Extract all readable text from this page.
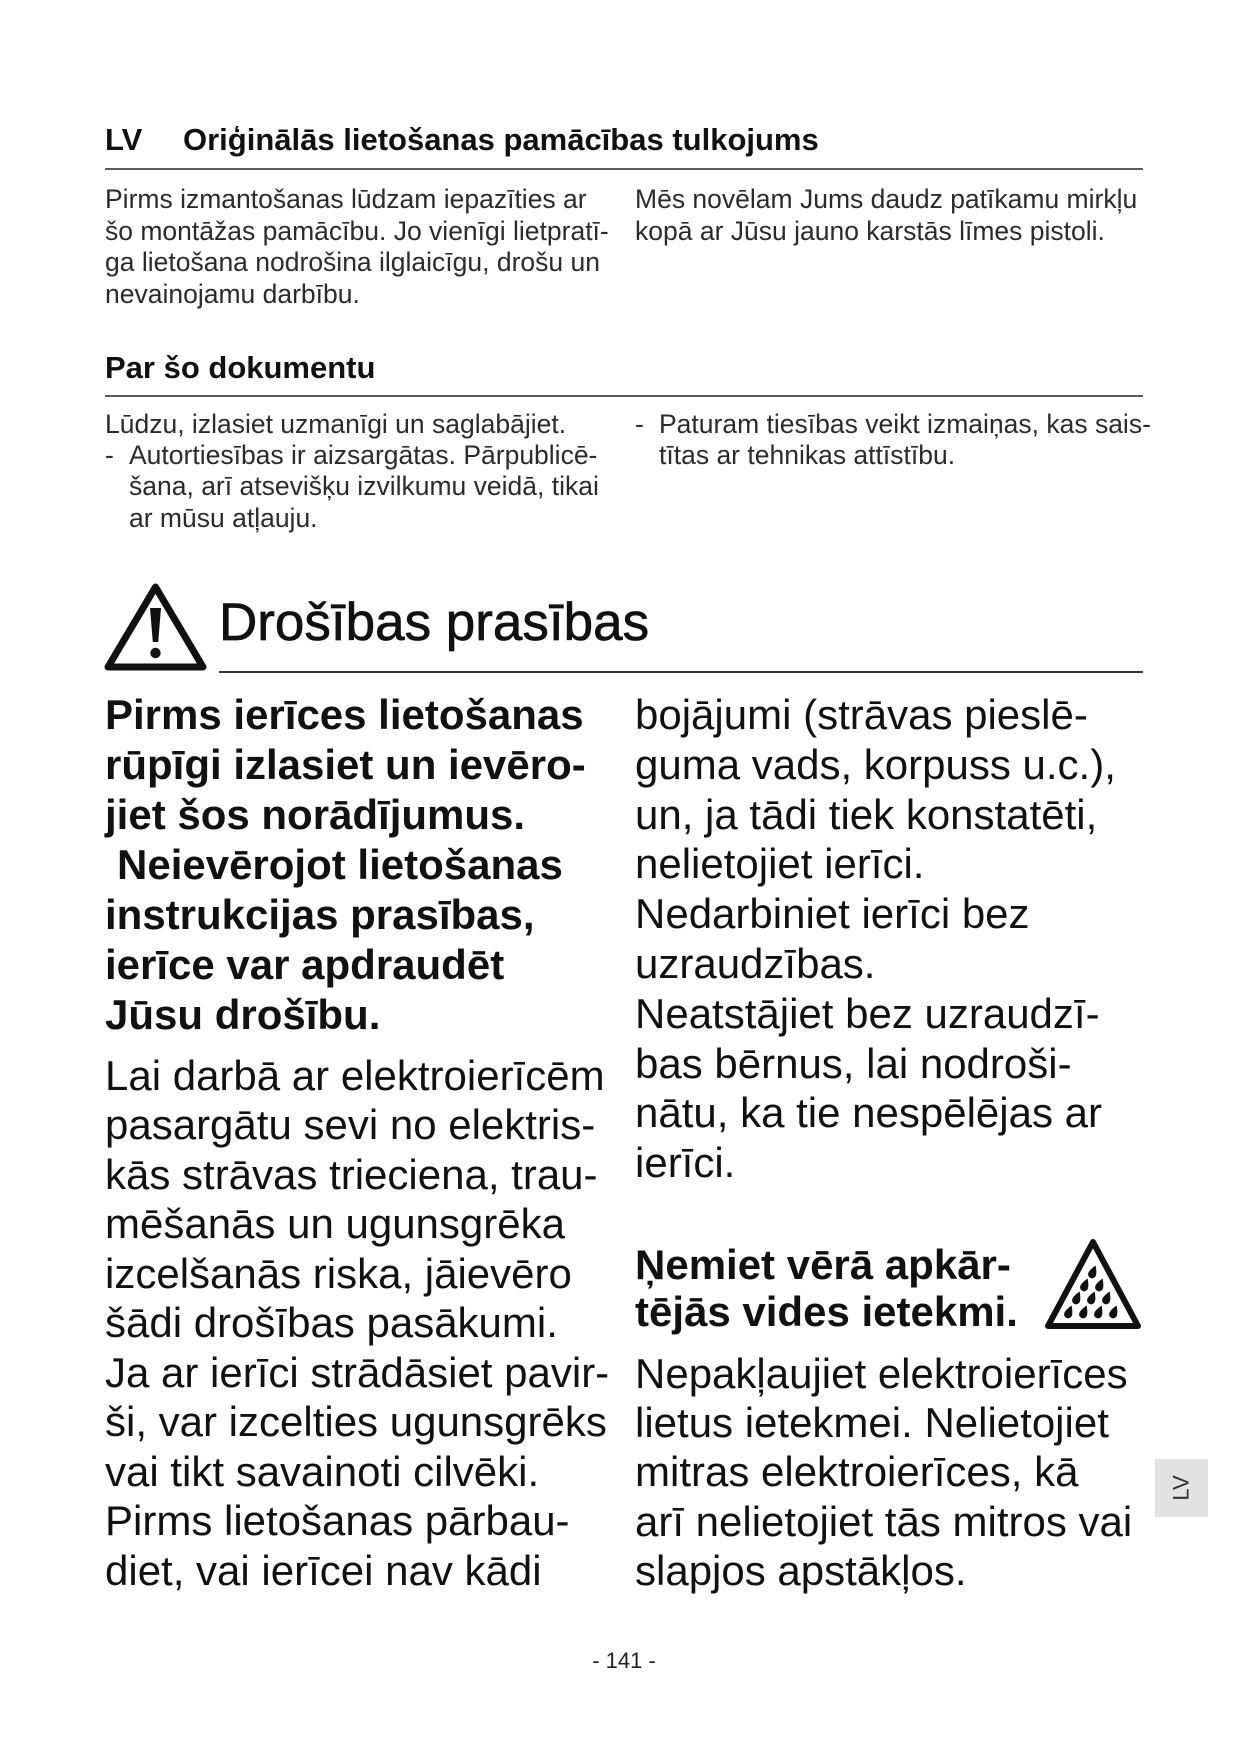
LV Oriģinālās lietošanas pamācības tulkojums
Pirms izmantošanas lūdzam iepazīties ar
šo montāžas pamācību. Jo vienīgi lietpratī-
ga lietošana nodrošina ilglaicīgu, drošu un
nevainojamu darbību.
Mēs novēlam Jums daudz patīkamu mirkļu
kopā ar Jūsu jauno karstās līmes pistoli.
Par šo dokumentu
Lūdzu, izlasiet uzmanīgi un saglabājiet.
- Autortiesības ir aizsargātas. Pārpublicē-
šana, arī atsevišķu izvilkumu veidā, tikai
ar mūsu atļauju.
- Paturam tiesības veikt izmaiņas, kas sais-
tītas ar tehnikas attīstību.
Drošības prasības
Pirms ierīces lietošanas
rūpīgi izlasiet un ievēro-
jiet šos norādījumus.
Neievērojot lietošanas
instrukcijas prasības,
ierīce var apdraudēt
Jūsu drošību.
Lai darbā ar elektroierīcēm
pasargātu sevi no elektris-
kās strāvas trieciena, trau-
mēšanās un ugunsgrēka
izcelšanās riska, jāievēro
šādi drošības pasākumi.
Ja ar ierīci strādāsiet pavir-
ši, var izcelties ugunsgrēks
vai tikt savainoti cilvēki.
Pirms lietošanas pārbau-
diet, vai ierīcei nav kādi
bojājumi (strāvas pieslē-
guma vads, korpuss u.c.),
un, ja tādi tiek konstatēti,
nelietojiet ierīci.
Nedarbiniet ierīci bez
uzraudzības.
Neatstājiet bez uzraudzī-
bas bērnus, lai nodroši-
nātu, ka tie nespēlējas ar
ierīci.
Ņemiet vērā apkār-
tējās vides ietekmi.
Nepakļaujiet elektroierīces
lietus ietekmei. Nelietojiet
mitras elektroierīces, kā
arī nelietojiet tās mitros vai
slapjos apstākļos.
LV
- 141 -
